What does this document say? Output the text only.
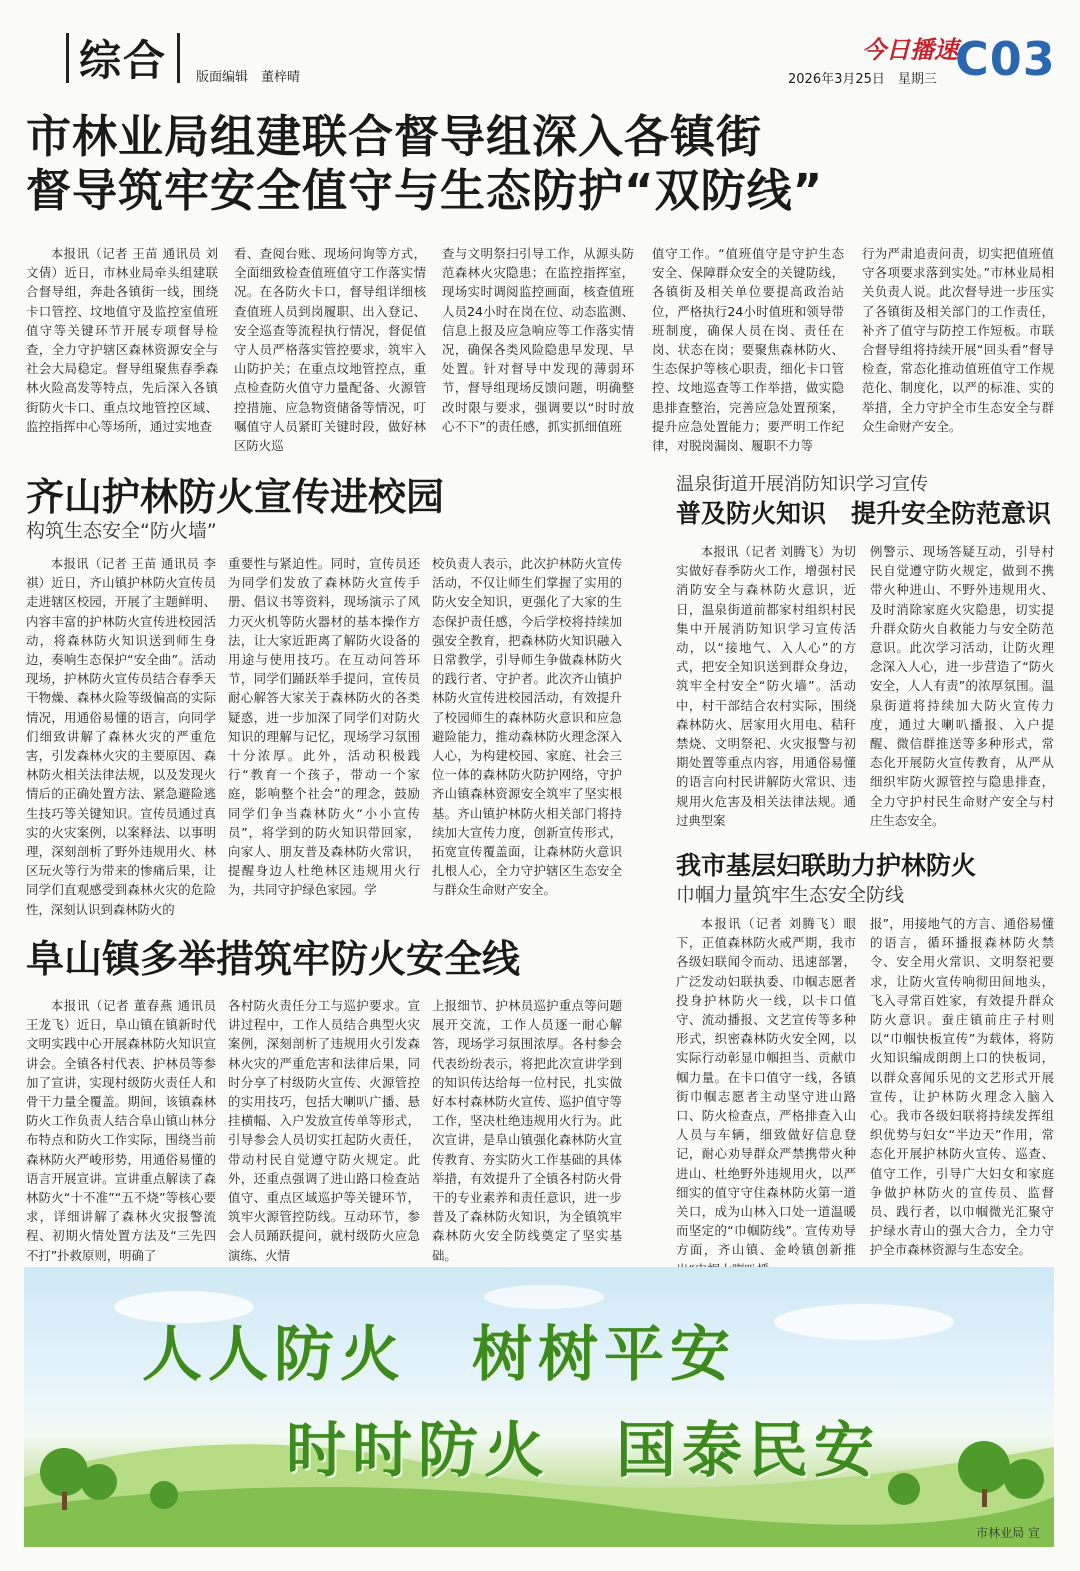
综合	版面编辑　董梓晴
今日播速
2026年3月25日　星期三 C03
市林业局组建联合督导组深入各镇街
督导筑牢安全值守与生态防护“双防线”

本报讯（记者 王苗 通讯员 刘文倩）近日，市林业局牵头组建联合督导组，奔赴各镇街一线，围绕卡口管控、坟地值守及监控室值班值守等关键环节开展专项督导检查，全力守护辖区森林资源安全与社会大局稳定。督导组聚焦春季森林火险高发等特点，先后深入各镇街防火卡口、重点坟地管控区域、监控指挥中心等场所，通过实地查

看、查阅台账、现场问询等方式，全面细致检查值班值守工作落实情况。在各防火卡口，督导组详细核查值班人员到岗履职、出入登记、安全巡查等流程执行情况，督促值守人员严格落实管控要求，筑牢入山防护关；在重点坟地管控点，重点检查防火值守力量配备、火源管控措施、应急物资储备等情况，叮嘱值守人员紧盯关键时段，做好林区防火巡

查与文明祭扫引导工作，从源头防范森林火灾隐患；在监控指挥室，现场实时调阅监控画面，核查值班人员24小时在岗在位、动态监测、信息上报及应急响应等工作落实情况，确保各类风险隐患早发现、早处置。针对督导中发现的薄弱环节，督导组现场反馈问题，明确整改时限与要求，强调要以“时时放心不下”的责任感，抓实抓细值班

值守工作。“值班值守是守护生态安全、保障群众安全的关键防线，各镇街及相关单位要提高政治站位，严格执行24小时值班和领导带班制度，确保人员在岗、责任在岗、状态在岗；要聚焦森林防火、生态保护等核心职责，细化卡口管控、坟地巡查等工作举措，做实隐患排查整治，完善应急处置预案，提升应急处置能力；要严明工作纪律，对脱岗漏岗、履职不力等

行为严肃追责问责，切实把值班值守各项要求落到实处。”市林业局相关负责人说。此次督导进一步压实了各镇街及相关部门的工作责任，补齐了值守与防控工作短板。市联合督导组将持续开展“回头看”督导检查，常态化推动值班值守工作规范化、制度化，以严的标准、实的举措，全力守护全市生态安全与群众生命财产安全。

齐山护林防火宣传进校园
构筑生态安全“防火墙”

本报讯（记者 王苗 通讯员 李祺）近日，齐山镇护林防火宣传员走进辖区校园，开展了主题鲜明、内容丰富的护林防火宣传进校园活动，将森林防火知识送到师生身边，奏响生态保护“安全曲”。活动现场，护林防火宣传员结合春季天干物燥、森林火险等级偏高的实际情况，用通俗易懂的语言，向同学们细致讲解了森林火灾的严重危害，引发森林火灾的主要原因、森林防火相关法律法规，以及发现火情后的正确处置方法、紧急避险逃生技巧等关键知识。宣传员通过真实的火灾案例，以案释法、以事明理，深刻剖析了野外违规用火、林区玩火等行为带来的惨痛后果，让同学们直观感受到森林火灾的危险性，深刻认识到森林防火的

重要性与紧迫性。同时，宣传员还为同学们发放了森林防火宣传手册、倡议书等资料，现场演示了风力灭火机等防火器材的基本操作方法，让大家近距离了解防火设备的用途与使用技巧。在互动问答环节，同学们踊跃举手提问，宣传员耐心解答大家关于森林防火的各类疑惑，进一步加深了同学们对防火知识的理解与记忆，现场学习氛围十分浓厚。此外，活动积极践行“教育一个孩子，带动一个家庭，影响整个社会”的理念，鼓励同学们争当森林防火“小小宣传员”，将学到的防火知识带回家，向家人、朋友普及森林防火常识，提醒身边人杜绝林区违规用火行为，共同守护绿色家园。学

校负责人表示，此次护林防火宣传活动，不仅让师生们掌握了实用的防火安全知识，更强化了大家的生态保护责任感，今后学校将持续加强安全教育，把森林防火知识融入日常教学，引导师生争做森林防火的践行者、守护者。此次齐山镇护林防火宣传进校园活动，有效提升了校园师生的森林防火意识和应急避险能力，推动森林防火理念深入人心，为构建校园、家庭、社会三位一体的森林防火防护网络，守护齐山镇森林资源安全筑牢了坚实根基。齐山镇护林防火相关部门将持续加大宣传力度，创新宣传形式，拓宽宣传覆盖面，让森林防火意识扎根人心，全力守护辖区生态安全与群众生命财产安全。

温泉街道开展消防知识学习宣传
普及防火知识　提升安全防范意识

本报讯（记者 刘腾飞）为切实做好春季防火工作，增强村民消防安全与森林防火意识，近日，温泉街道前都家村组织村民集中开展消防知识学习宣传活动，以“接地气、入人心”的方式，把安全知识送到群众身边，筑牢全村安全“防火墙”。活动中，村干部结合农村实际，围绕森林防火、居家用火用电、秸秆禁烧、文明祭祀、火灾报警与初期处置等重点内容，用通俗易懂的语言向村民讲解防火常识、违规用火危害及相关法律法规。通过典型案

例警示、现场答疑互动，引导村民自觉遵守防火规定，做到不携带火种进山、不野外违规用火、及时消除家庭火灾隐患，切实提升群众防火自救能力与安全防范意识。此次学习活动，让防火理念深入人心，进一步营造了“防火安全，人人有责”的浓厚氛围。温泉街道将持续加大防火宣传力度，通过大喇叭播报、入户提醒、微信群推送等多种形式，常态化开展防火宣传教育，从严从细织牢防火源管控与隐患排查，全力守护村民生命财产安全与村庄生态安全。

阜山镇多举措筑牢防火安全线

本报讯（记者 董春燕 通讯员 王龙飞）近日，阜山镇在镇新时代文明实践中心开展森林防火知识宣讲会。全镇各村代表、护林员等参加了宣讲，实现村级防火责任人和骨干力量全覆盖。期间，该镇森林防火工作负责人结合阜山镇山林分布特点和防火工作实际，围绕当前森林防火严峻形势，用通俗易懂的语言开展宣讲。宣讲重点解读了森林防火“十不准”“五不烧”等核心要求，详细讲解了森林火灾报警流程、初期火情处置方法及“三先四不打”扑救原则，明确了

各村防火责任分工与巡护要求。宣讲过程中，工作人员结合典型火灾案例，深刻剖析了违规用火引发森林火灾的严重危害和法律后果，同时分享了村级防火宣传、火源管控的实用技巧，包括大喇叭广播、悬挂横幅、入户发放宣传单等形式，引导参会人员切实扛起防火责任，带动村民自觉遵守防火规定。此外，还重点强调了进山路口检查站值守、重点区域巡护等关键环节，筑牢火源管控防线。互动环节，参会人员踊跃提问，就村级防火应急演练、火情

上报细节、护林员巡护重点等问题展开交流，工作人员逐一耐心解答，现场学习氛围浓厚。各村参会代表纷纷表示，将把此次宣讲学到的知识传达给每一位村民，扎实做好本村森林防火宣传、巡护值守等工作，坚决杜绝违规用火行为。此次宣讲，是阜山镇强化森林防火宣传教育、夯实防火工作基础的具体举措，有效提升了全镇各村防火骨干的专业素养和责任意识，进一步普及了森林防火知识，为全镇筑牢森林防火安全防线奠定了坚实基础。

我市基层妇联助力护林防火
巾帼力量筑牢生态安全防线

本报讯（记者 刘腾飞）眼下，正值森林防火戒严期，我市各级妇联闻令而动、迅速部署，广泛发动妇联执委、巾帼志愿者投身护林防火一线，以卡口值守、流动播报、文艺宣传等多种形式，织密森林防火安全网，以实际行动彰显巾帼担当、贡献巾帼力量。在卡口值守一线，各镇街巾帼志愿者主动坚守进山路口、防火检查点，严格排查入山人员与车辆，细致做好信息登记，耐心劝导群众严禁携带火种进山、杜绝野外违规用火，以严细实的值守守住森林防火第一道关口，成为山林入口处一道温暖而坚定的“巾帼防线”。宣传劝导方面，齐山镇、金岭镇创新推

报”，用接地气的方言、通俗易懂的语言，循环播报森林防火禁令、安全用火常识、文明祭祀要求，让防火宣传响彻田间地头，飞入寻常百姓家，有效提升群众防火意识。蚕庄镇前庄子村则以“巾帼快板宣传”为载体，将防火知识编成朗朗上口的快板词，以群众喜闻乐见的文艺形式开展宣传，让护林防火理念入脑入心。我市各级妇联将持续发挥组织优势与妇女“半边天”作用，常态化开展护林防火宣传、巡查、值守工作，引导广大妇女和家庭争做护林防火的宣传员、监督员、践行者，以巾帼微光汇聚守护绿水青山的强大合力，全力守护全市森林资源与生态安全。

人人防火　树树平安
时时防火　国泰民安
市林业局 宣
